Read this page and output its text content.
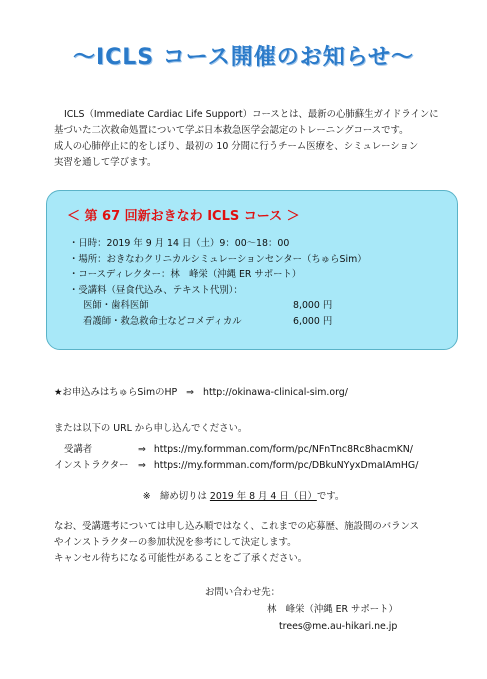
〜ICLS コース開催のお知らせ〜
ICLS（Immediate Cardiac Life Support）コースとは、最新の心肺蘇生ガイドラインに
基づいた二次救命処置について学ぶ日本救急医学会認定のトレーニングコースです。
成人の心肺停止に的をしぼり、最初の 10 分間に行うチーム医療を、シミュレーション
実習を通して学びます。
＜ 第 67 回新おきなわ ICLS コース ＞
・日時：2019 年 9 月 14 日（土）9：00〜18：00
・場所：おきなわクリニカルシミュレーションセンター（ちゅらSim）
・コースディレクター：林　峰栄（沖縄 ER サポート）
・受講料（昼食代込み、テキスト代別）：
医師・歯科医師	8,000 円
看護師・救急救命士などコメディカル	6,000 円
★お申込みはちゅらSimのHP ⇒ http://okinawa-clinical-sim.org/
または以下の URL から申し込んでください。
受講者	⇒ https://my.formman.com/form/pc/NFnTnc8Rc8hacmKN/
インストラクター	⇒ https://my.formman.com/form/pc/DBkuNYyxDmaIAmHG/
※　締め切りは 2019 年 8 月 4 日（日）です。
なお、受講選考については申し込み順ではなく、これまでの応募歴、施設間のバランス
やインストラクターの参加状況を参考にして決定します。
キャンセル待ちになる可能性があることをご了承ください。
お問い合わせ先：
林　峰栄（沖縄 ER サポート）
trees@me.au-hikari.ne.jp
